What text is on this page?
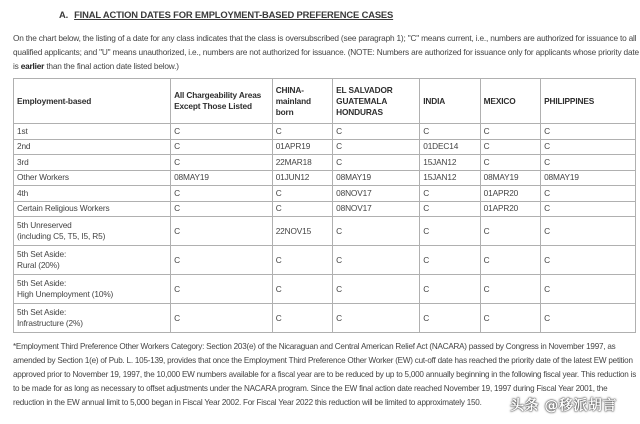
A. FINAL ACTION DATES FOR EMPLOYMENT-BASED PREFERENCE CASES
On the chart below, the listing of a date for any class indicates that the class is oversubscribed (see paragraph 1); "C" means current, i.e., numbers are authorized for issuance to all qualified applicants; and "U" means unauthorized, i.e., numbers are not authorized for issuance. (NOTE: Numbers are authorized for issuance only for applicants whose priority date is earlier than the final action date listed below.)
Employment-based	All Chargeability Areas Except Those Listed	CHINA-mainland born	EL SALVADOR GUATEMALA HONDURAS	INDIA	MEXICO	PHILIPPINES
1st	C	C	C	C	C	C
2nd	C	01APR19	C	01DEC14	C	C
3rd	C	22MAR18	C	15JAN12	C	C
Other Workers	08MAY19	01JUN12	08MAY19	15JAN12	08MAY19	08MAY19
4th	C	C	08NOV17	C	01APR20	C
Certain Religious Workers	C	C	08NOV17	C	01APR20	C
5th Unreserved
(including C5, T5, I5, R5)	C	22NOV15	C	C	C	C
5th Set Aside:
Rural (20%)	C	C	C	C	C	C
5th Set Aside:
High Unemployment (10%)	C	C	C	C	C	C
5th Set Aside:
Infrastructure (2%)	C	C	C	C	C	C
*Employment Third Preference Other Workers Category: Section 203(e) of the Nicaraguan and Central American Relief Act (NACARA) passed by Congress in November 1997, as amended by Section 1(e) of Pub. L. 105-139, provides that once the Employment Third Preference Other Worker (EW) cut-off date has reached the priority date of the latest EW petition approved prior to November 19, 1997, the 10,000 EW numbers available for a fiscal year are to be reduced by up to 5,000 annually beginning in the following fiscal year. This reduction is to be made for as long as necessary to offset adjustments under the NACARA program. Since the EW final action date reached November 19, 1997 during Fiscal Year 2001, the reduction in the EW annual limit to 5,000 began in Fiscal Year 2002. For Fiscal Year 2022 this reduction will be limited to approximately 150.	头条 @移派胡言
